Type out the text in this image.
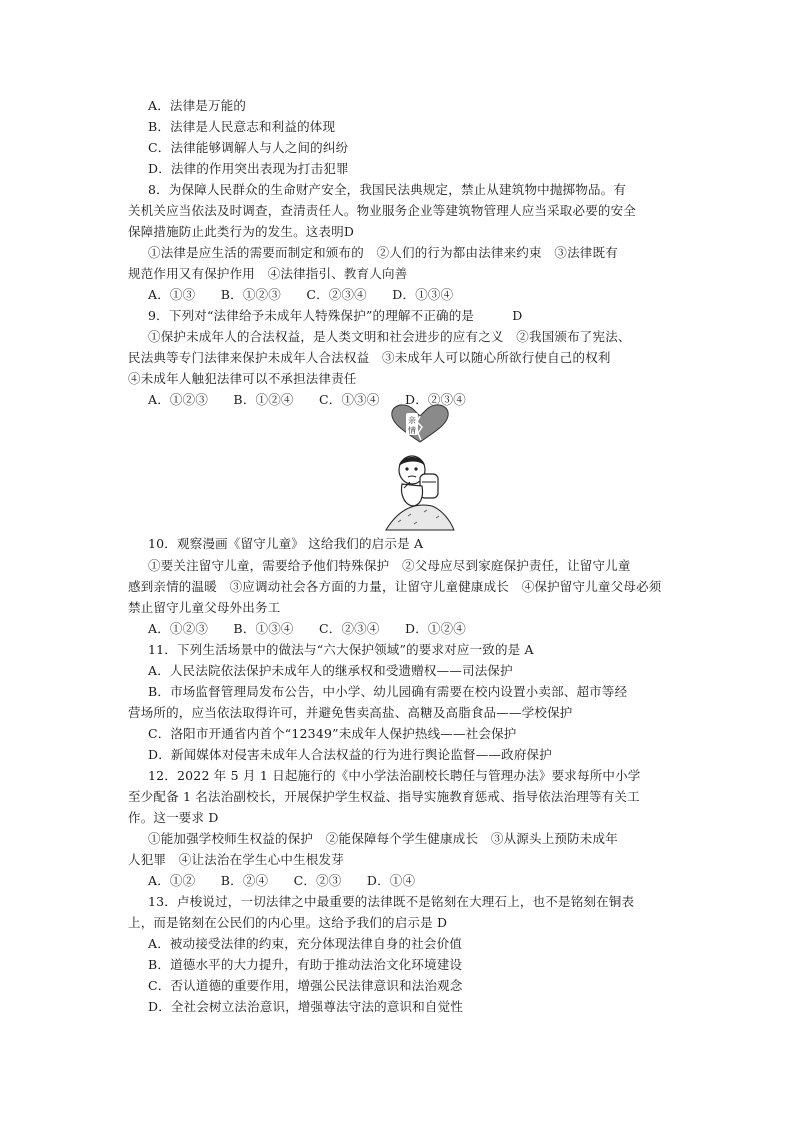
A．法律是万能的
B．法律是人民意志和利益的体现
C．法律能够调解人与人之间的纠纷
D．法律的作用突出表现为打击犯罪
8．为保障人民群众的生命财产安全，我国民法典规定，禁止从建筑物中抛掷物品。有
关机关应当依法及时调查，查清责任人。物业服务企业等建筑物管理人应当采取必要的安全
保障措施防止此类行为的发生。这表明D
①法律是应生活的需要而制定和颁布的　②人们的行为都由法律来约束　③法律既有
规范作用又有保护作用　④法律指引、教育人向善
A．①③　　B．①②③　　C．②③④　　D．①③④
9．下列对“法律给予未成年人特殊保护”的理解不正确的是　　　D
①保护未成年人的合法权益，是人类文明和社会进步的应有之义　②我国颁布了宪法、
民法典等专门法律来保护未成年人合法权益　③未成年人可以随心所欲行使自己的权利
④未成年人触犯法律可以不承担法律责任
A．①②③　　B．①②④　　C．①③④　　D．②③④
亲
情
10．观察漫画《留守儿童》 这给我们的启示是 A
①要关注留守儿童，需要给予他们特殊保护　②父母应尽到家庭保护责任，让留守儿童
感到亲情的温暖　③应调动社会各方面的力量，让留守儿童健康成长　④保护留守儿童父母必须
禁止留守儿童父母外出务工
A．①②③　　B．①③④　　C．②③④　　D．①②④
11．下列生活场景中的做法与“六大保护领域”的要求对应一致的是 A
A．人民法院依法保护未成年人的继承权和受遗赠权——司法保护
B．市场监督管理局发布公告，中小学、幼儿园确有需要在校内设置小卖部、超市等经
营场所的，应当依法取得许可，并避免售卖高盐、高糖及高脂食品——学校保护
C．洛阳市开通省内首个“12349”未成年人保护热线——社会保护
D．新闻媒体对侵害未成年人合法权益的行为进行舆论监督——政府保护
12．2022 年 5 月 1 日起施行的《中小学法治副校长聘任与管理办法》要求每所中小学
至少配备 1 名法治副校长，开展保护学生权益、指导实施教育惩戒、指导依法治理等有关工
作。这一要求 D
①能加强学校师生权益的保护　②能保障每个学生健康成长　③从源头上预防未成年
人犯罪　④让法治在学生心中生根发芽
A．①②　　B．②④　　C．②③　　D．①④
13．卢梭说过，一切法律之中最重要的法律既不是铭刻在大理石上，也不是铭刻在铜表
上，而是铭刻在公民们的内心里。这给予我们的启示是 D
A．被动接受法律的约束，充分体现法律自身的社会价值
B．道德水平的大力提升，有助于推动法治文化环境建设
C．否认道德的重要作用，增强公民法律意识和法治观念
D．全社会树立法治意识，增强尊法守法的意识和自觉性
